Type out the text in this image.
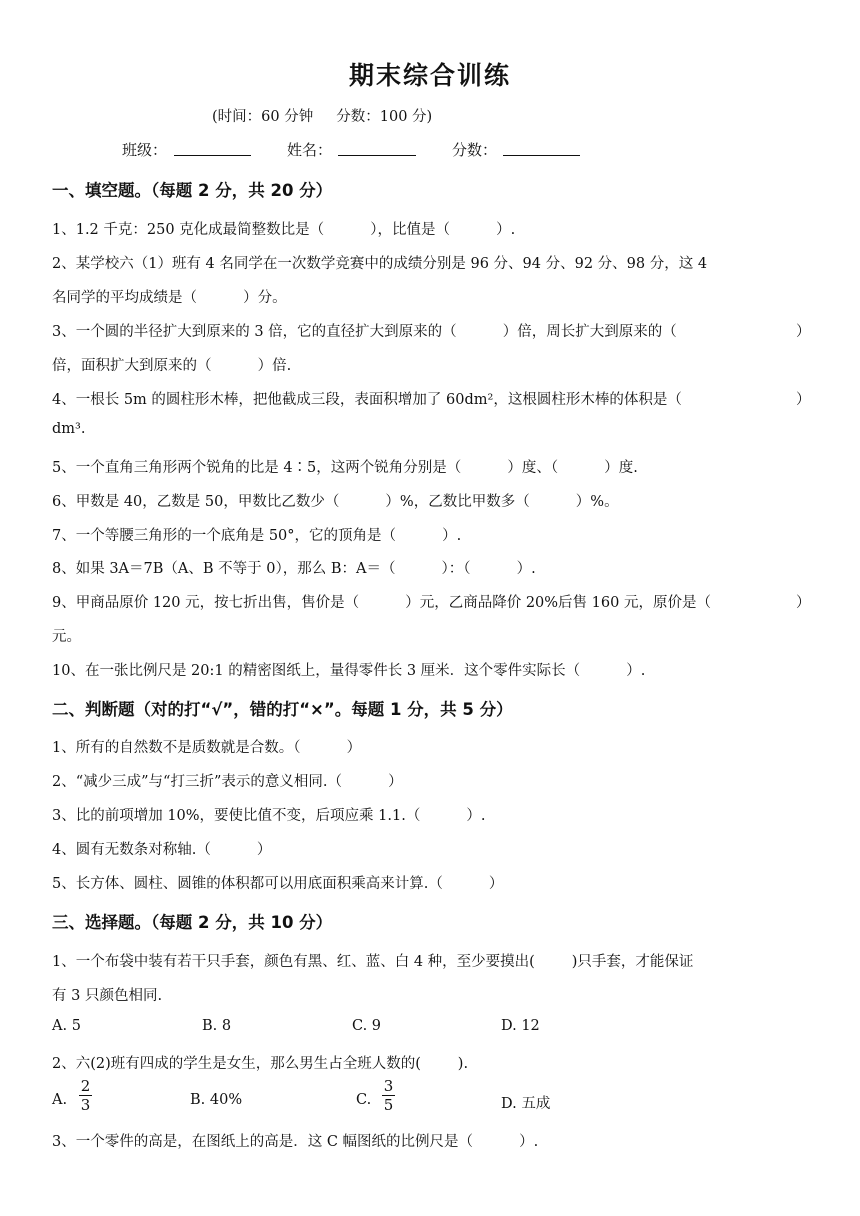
期末综合训练
(时间：60 分钟     分数：100 分)
班级：	姓名：	分数：
一、填空题。（每题 2 分，共 20 分）
1、1.2 千克：250 克化成最简整数比是（          ），比值是（          ）.
2、某学校六（1）班有 4 名同学在一次数学竞赛中的成绩分别是 96 分、94 分、92 分、98 分，这 4
名同学的平均成绩是（          ）分。
3、一个圆的半径扩大到原来的 3 倍，它的直径扩大到原来的（          ）倍，周长扩大到原来的（	）
倍，面积扩大到原来的（          ）倍.
4、一根长 5m 的圆柱形木棒，把他截成三段，表面积增加了 60dm²，这根圆柱形木棒的体积是（	）
dm³.
5、一个直角三角形两个锐角的比是 4∶5，这两个锐角分别是（          ）度、（          ）度.
6、甲数是 40，乙数是 50，甲数比乙数少（          ）%，乙数比甲数多（          ）%。
7、一个等腰三角形的一个底角是 50°，它的顶角是（          ）.
8、如果 3A＝7B（A、B 不等于 0），那么 B：A＝（          ）：（          ）.
9、甲商品原价 120 元，按七折出售，售价是（          ）元，乙商品降价 20%后售 160 元，原价是（	）
元。
10、在一张比例尺是 20:1 的精密图纸上，量得零件长 3 厘米．这个零件实际长（          ）.
二、判断题（对的打“√”，错的打“×”。每题 1 分，共 5 分）
1、所有的自然数不是质数就是合数。（          ）
2、“减少三成”与“打三折”表示的意义相同.（          ）
3、比的前项增加 10%，要使比值不变，后项应乘 1.1.（          ）.
4、圆有无数条对称轴.（          ）
5、长方体、圆柱、圆锥的体积都可以用底面积乘高来计算.（          ）
三、选择题。（每题 2 分，共 10 分）
1、一个布袋中装有若干只手套，颜色有黑、红、蓝、白 4 种，至少要摸出(        )只手套，才能保证
有 3 只颜色相同.
A. 5	B. 8	C. 9	D. 12
2、六(2)班有四成的学生是女生，那么男生占全班人数的(        ).
A.
2
3	B. 40%	C.
3
5	D. 五成
3、一个零件的高是，在图纸上的高是．这 C 幅图纸的比例尺是（          ）.
